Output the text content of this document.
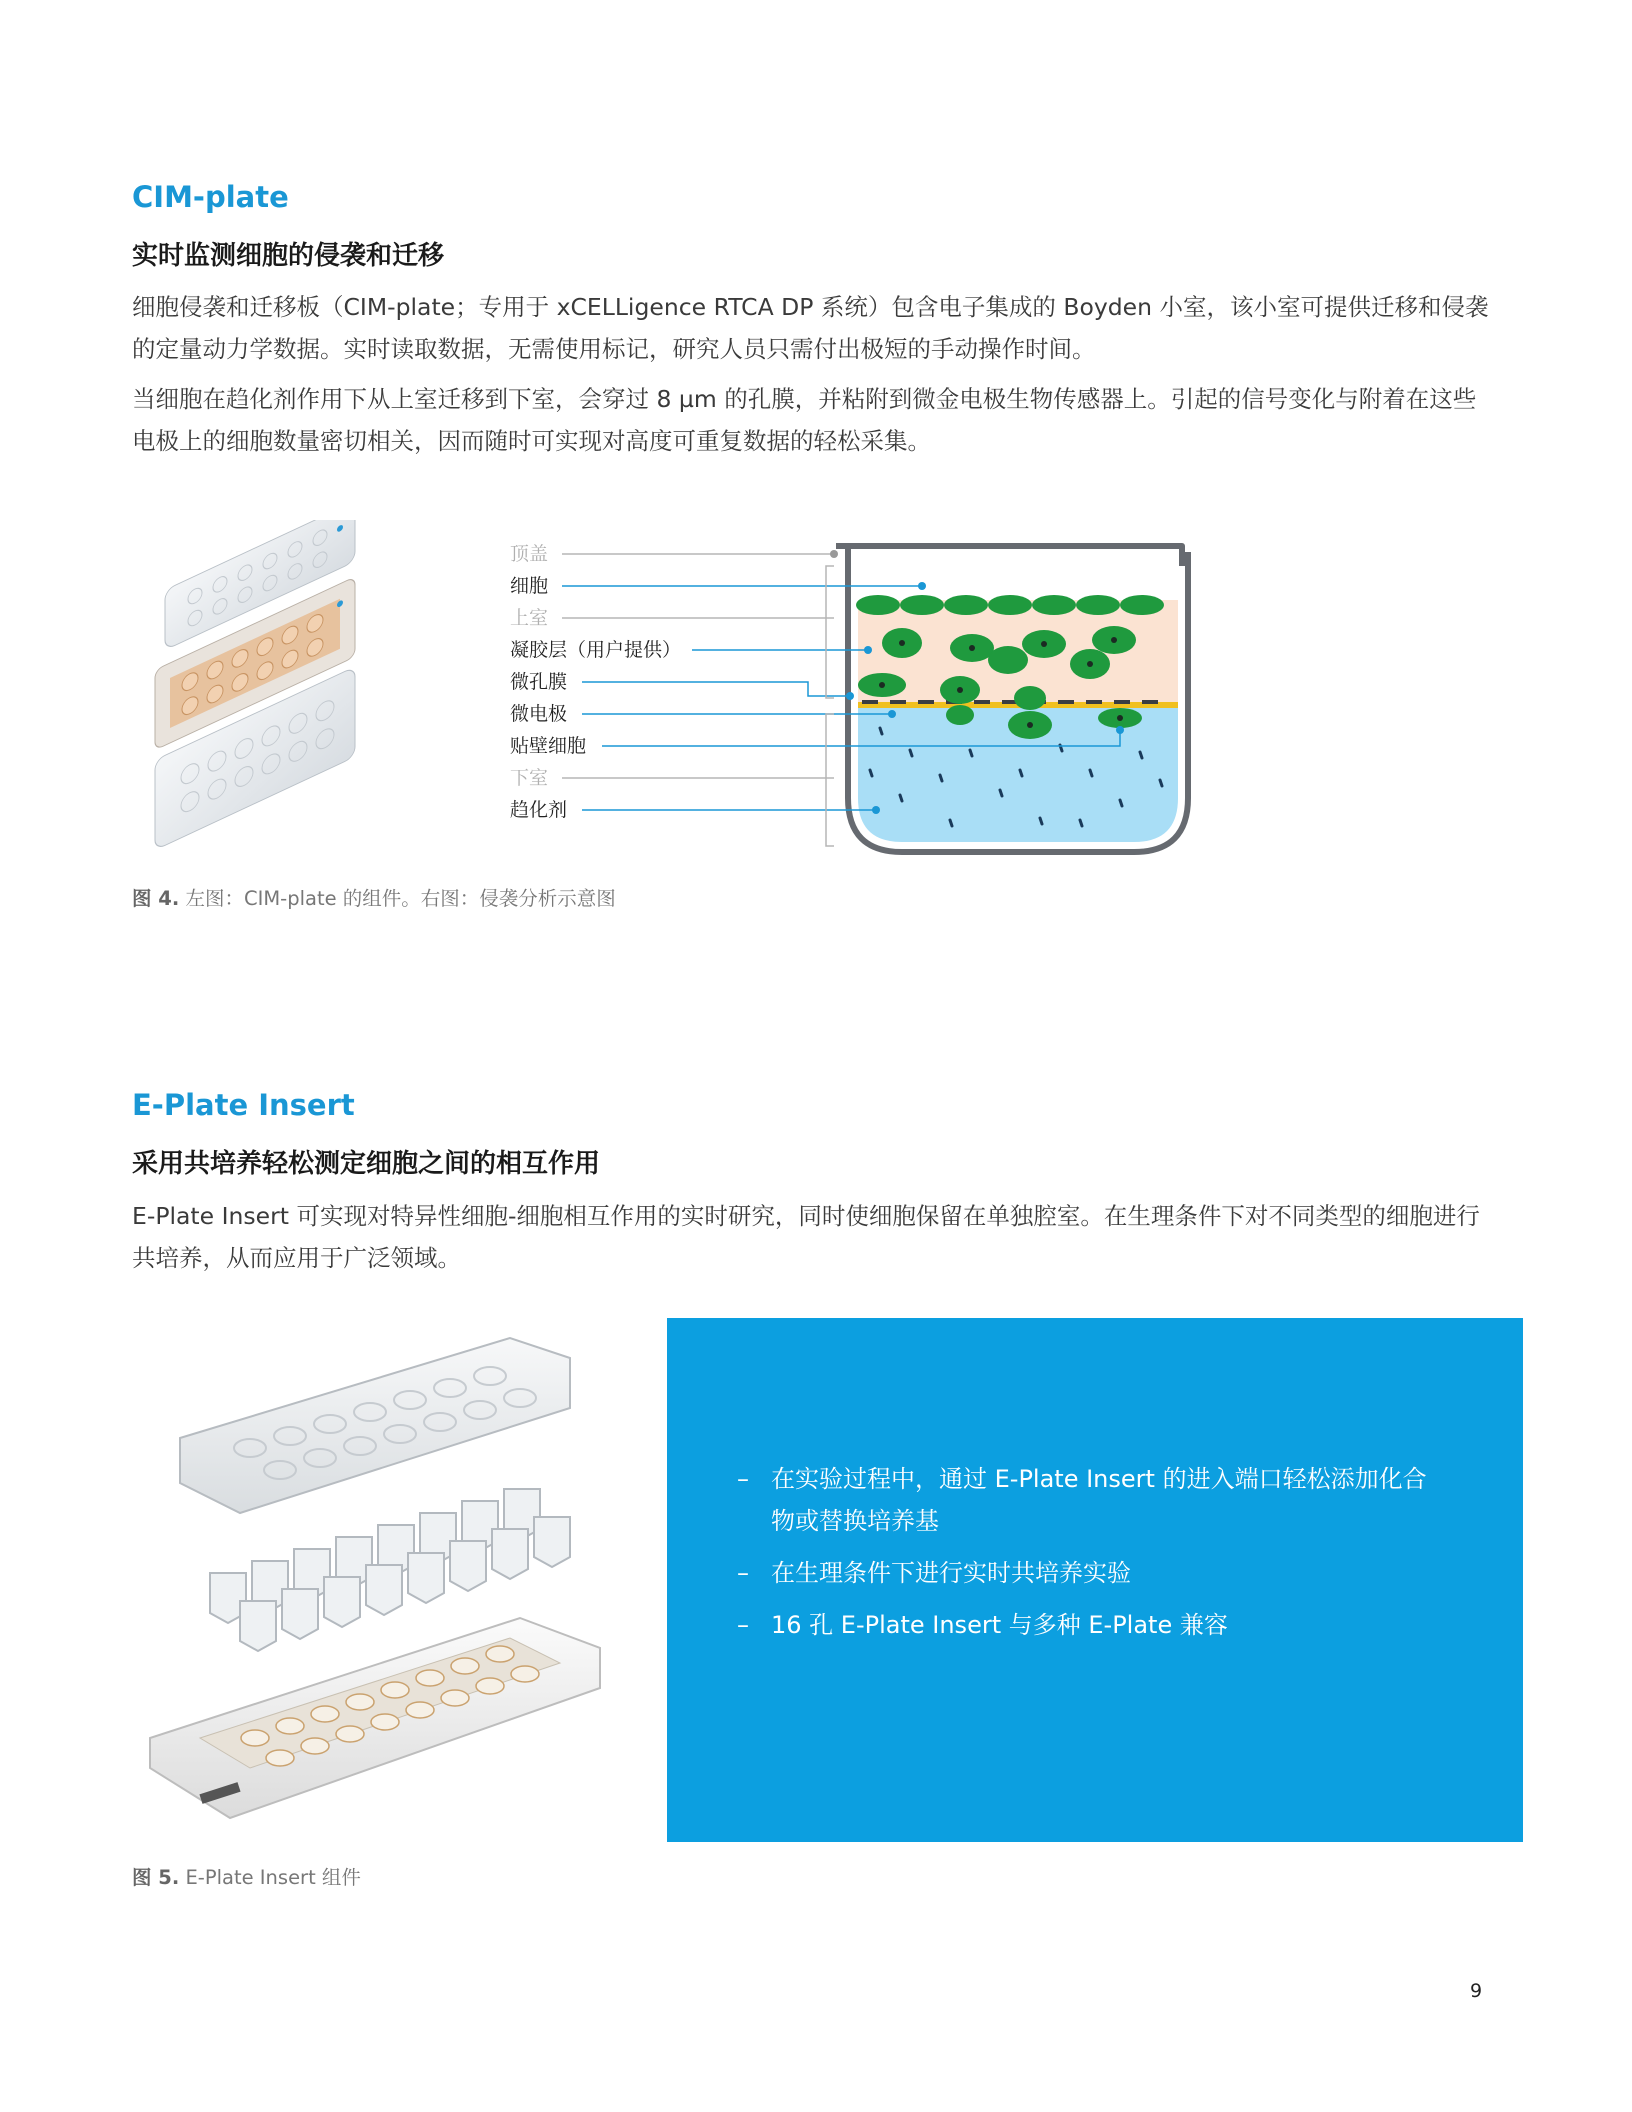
CIM-plate
实时监测细胞的侵袭和迁移

细胞侵袭和迁移板（CIM-plate；专用于 xCELLigence RTCA DP 系统）包含电子集成的 Boyden 小室，该小室可提供迁移和侵袭的定量动力学数据。实时读取数据，无需使用标记，研究人员只需付出极短的手动操作时间。

当细胞在趋化剂作用下从上室迁移到下室，会穿过 8 µm 的孔膜，并粘附到微金电极生物传感器上。引起的信号变化与附着在这些电极上的细胞数量密切相关，因而随时可实现对高度可重复数据的轻松采集。

顶盖
细胞
上室
凝胶层（用户提供）
微孔膜
微电极
贴壁细胞
下室
趋化剂

图 4. 左图：CIM-plate 的组件。右图：侵袭分析示意图

E-Plate Insert
采用共培养轻松测定细胞之间的相互作用

E-Plate Insert 可实现对特异性细胞-细胞相互作用的实时研究，同时使细胞保留在单独腔室。在生理条件下对不同类型的细胞进行共培养，从而应用于广泛领域。

– 在实验过程中，通过 E-Plate Insert 的进入端口轻松添加化合物或替换培养基
– 在生理条件下进行实时共培养实验
– 16 孔 E-Plate Insert 与多种 E-Plate 兼容

图 5. E-Plate Insert 组件

9
